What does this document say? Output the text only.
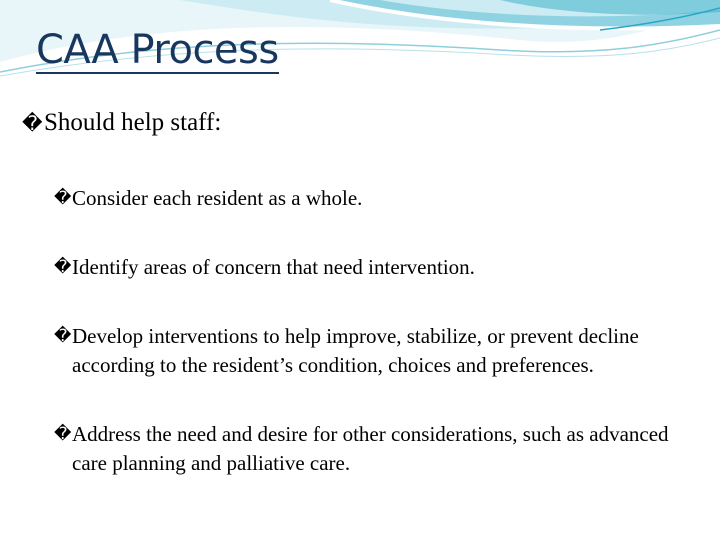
CAA Process

� Should help staff:

� Consider each resident as a whole.

� Identify areas of concern that need intervention.

� Develop interventions to help improve, stabilize, or prevent decline according to the resident’s condition, choices and preferences.

� Address the need and desire for other considerations, such as advanced care planning and palliative care.
